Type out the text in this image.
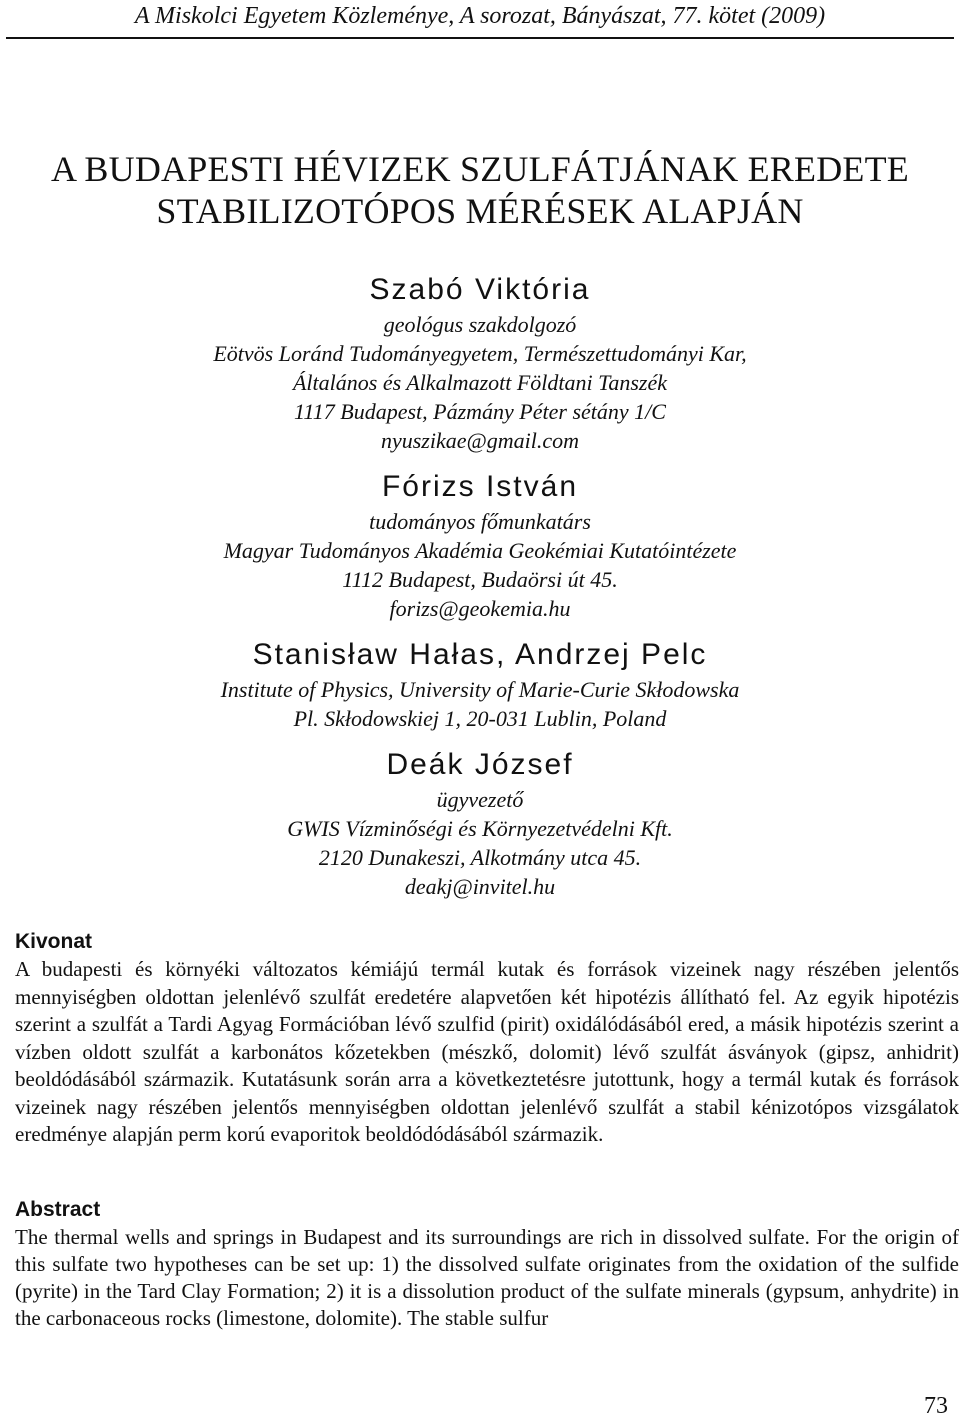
A Miskolci Egyetem Közleménye, A sorozat, Bányászat, 77. kötet (2009)
A BUDAPESTI HÉVIZEK SZULFÁTJÁNAK EREDETE
STABILIZOTÓPOS MÉRÉSEK ALAPJÁN

Szabó Viktória

geológus szakdolgozó

Eötvös Loránd Tudományegyetem, Természettudományi Kar,

Általános és Alkalmazott Földtani Tanszék

1117 Budapest, Pázmány Péter sétány 1/C

nyuszikae@gmail.com

Fórizs István

tudományos főmunkatárs

Magyar Tudományos Akadémia Geokémiai Kutatóintézete

1112 Budapest, Budaörsi út 45.

forizs@geokemia.hu

Stanisław Hałas, Andrzej Pelc

Institute of Physics, University of Marie-Curie Skłodowska

Pl. Skłodowskiej 1, 20-031 Lublin, Poland

Deák József

ügyvezető

GWIS Vízminőségi és Környezetvédelni Kft.

2120 Dunakeszi, Alkotmány utca 45.

deakj@invitel.hu

Kivonat

A budapesti és környéki változatos kémiájú termál kutak és források vizeinek nagy részében jelentős mennyiségben oldottan jelenlévő szulfát eredetére alapvetően két hipotézis állítható fel. Az egyik hipotézis szerint a szulfát a Tardi Agyag Formációban lévő szulfid (pirit) oxidálódásából ered, a másik hipotézis szerint a vízben oldott szulfát a karbonátos kőzetekben (mészkő, dolomit) lévő szulfát ásványok (gipsz, anhidrit) beoldódásából származik. Kutatásunk során arra a következtetésre jutottunk, hogy a termál kutak és források vizeinek nagy részében jelentős mennyiségben oldottan jelenlévő szulfát a stabil kénizotópos vizsgálatok eredménye alapján perm korú evaporitok beoldódódásából származik.

Abstract

The thermal wells and springs in Budapest and its surroundings are rich in dissolved sulfate. For the origin of this sulfate two hypotheses can be set up: 1) the dissolved sulfate originates from the oxidation of the sulfide (pyrite) in the Tard Clay Formation; 2) it is a dissolution product of the sulfate minerals (gypsum, anhydrite) in the carbonaceous rocks (limestone, dolomite). The stable sulfur

73
